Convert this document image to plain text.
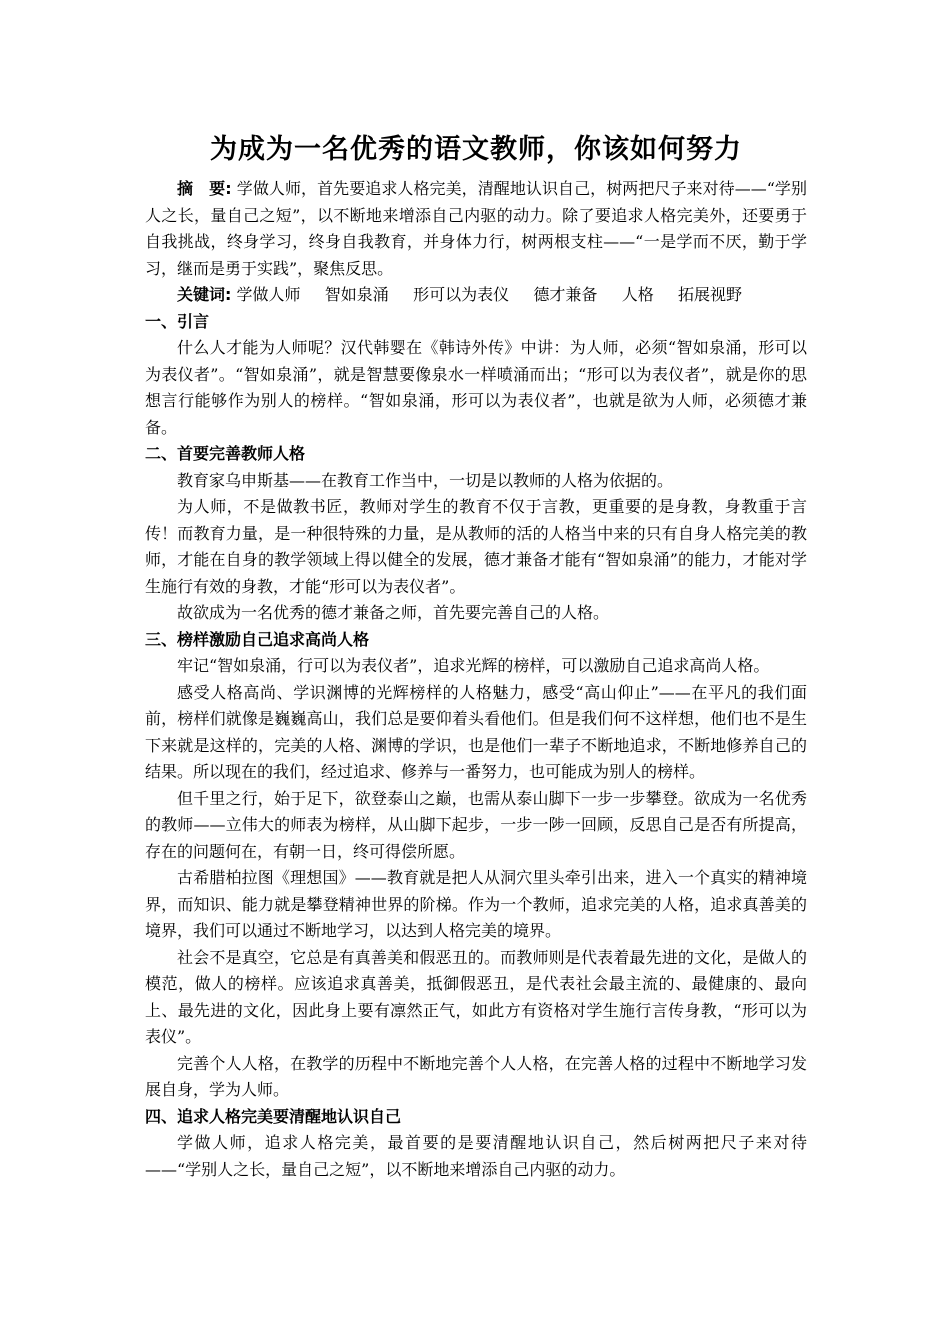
为成为一名优秀的语文教师，你该如何努力

摘　要: 学做人师，首先要追求人格完美，清醒地认识自己，树两把尺子来对待——“学别人之长，量自己之短”，以不断地来增添自己内驱的动力。除了要追求人格完美外，还要勇于自我挑战，终身学习，终身自我教育，并身体力行，树两根支柱——“一是学而不厌，勤于学习，继而是勇于实践”，聚焦反思。

关键词: 学做人师 智如泉涌 形可以为表仪 德才兼备 人格 拓展视野

一、引言

什么人才能为人师呢？汉代韩婴在《韩诗外传》中讲：为人师，必须“智如泉涌，形可以为表仪者”。“智如泉涌”，就是智慧要像泉水一样喷涌而出；“形可以为表仪者”，就是你的思想言行能够作为别人的榜样。“智如泉涌，形可以为表仪者”，也就是欲为人师，必须德才兼备。

二、首要完善教师人格

教育家乌申斯基——在教育工作当中，一切是以教师的人格为依据的。

为人师，不是做教书匠，教师对学生的教育不仅于言教，更重要的是身教，身教重于言传！而教育力量，是一种很特殊的力量，是从教师的活的人格当中来的只有自身人格完美的教师，才能在自身的教学领域上得以健全的发展，德才兼备才能有“智如泉涌”的能力，才能对学生施行有效的身教，才能“形可以为表仪者”。

故欲成为一名优秀的德才兼备之师，首先要完善自己的人格。

三、榜样激励自己追求高尚人格

牢记“智如泉涌，行可以为表仪者”，追求光辉的榜样，可以激励自己追求高尚人格。

感受人格高尚、学识渊博的光辉榜样的人格魅力，感受“高山仰止”——在平凡的我们面前，榜样们就像是巍巍高山，我们总是要仰着头看他们。但是我们何不这样想，他们也不是生下来就是这样的，完美的人格、渊博的学识，也是他们一辈子不断地追求，不断地修养自己的结果。所以现在的我们，经过追求、修养与一番努力，也可能成为别人的榜样。

但千里之行，始于足下，欲登泰山之巅，也需从泰山脚下一步一步攀登。欲成为一名优秀的教师——立伟大的师表为榜样，从山脚下起步，一步一陟一回顾，反思自己是否有所提高，存在的问题何在，有朝一日，终可得偿所愿。

古希腊柏拉图《理想国》——教育就是把人从洞穴里头牵引出来，进入一个真实的精神境界，而知识、能力就是攀登精神世界的阶梯。作为一个教师，追求完美的人格，追求真善美的境界，我们可以通过不断地学习，以达到人格完美的境界。

社会不是真空，它总是有真善美和假恶丑的。而教师则是代表着最先进的文化，是做人的模范，做人的榜样。应该追求真善美，抵御假恶丑，是代表社会最主流的、最健康的、最向上、最先进的文化，因此身上要有凛然正气，如此方有资格对学生施行言传身教，“形可以为表仪”。

完善个人人格，在教学的历程中不断地完善个人人格，在完善人格的过程中不断地学习发展自身，学为人师。

四、追求人格完美要清醒地认识自己

学做人师，追求人格完美，最首要的是要清醒地认识自己，然后树两把尺子来对待——“学别人之长，量自己之短”，以不断地来增添自己内驱的动力。
